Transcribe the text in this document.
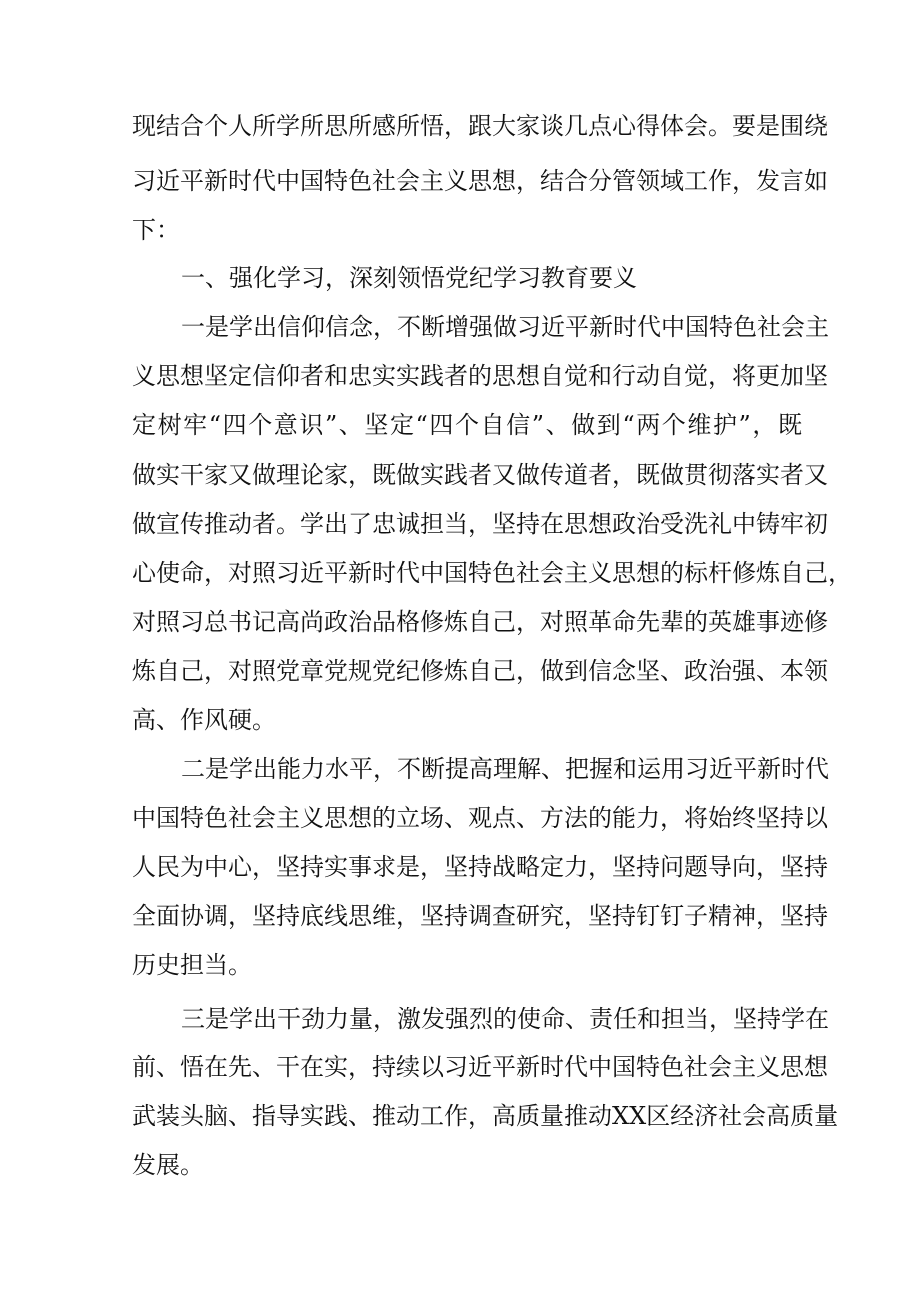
现结合个人所学所思所感所悟，跟大家谈几点心得体会。要是围绕

习近平新时代中国特色社会主义思想，结合分管领域工作，发言如

下：

一、强化学习，深刻领悟党纪学习教育要义

一是学出信仰信念，不断增强做习近平新时代中国特色社会主

义思想坚定信仰者和忠实实践者的思想自觉和行动自觉，将更加坚

定树牢“四个意识”、坚定“四个自信”、做到“两个维护”，既

做实干家又做理论家，既做实践者又做传道者，既做贯彻落实者又

做宣传推动者。学出了忠诚担当，坚持在思想政治受洗礼中铸牢初

心使命，对照习近平新时代中国特色社会主义思想的标杆修炼自己，

对照习总书记高尚政治品格修炼自己，对照革命先辈的英雄事迹修

炼自己，对照党章党规党纪修炼自己，做到信念坚、政治强、本领

高、作风硬。

二是学出能力水平，不断提高理解、把握和运用习近平新时代

中国特色社会主义思想的立场、观点、方法的能力，将始终坚持以

人民为中心，坚持实事求是，坚持战略定力，坚持问题导向，坚持

全面协调，坚持底线思维，坚持调查研究，坚持钉钉子精神，坚持

历史担当。

三是学出干劲力量，激发强烈的使命、责任和担当，坚持学在

前、悟在先、干在实，持续以习近平新时代中国特色社会主义思想

武装头脑、指导实践、推动工作，高质量推动XX区经济社会高质量

发展。
